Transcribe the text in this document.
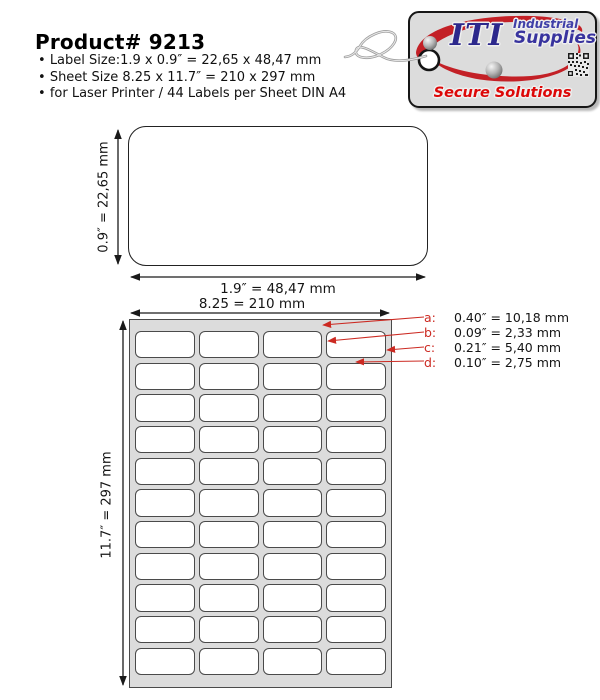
Product# 9213
• Label Size:1.9 x 0.9″ = 22,65 x 48,47 mm
• Sheet Size 8.25 x 11.7″ = 210 x 297 mm
• for Laser Printer / 44 Labels per Sheet DIN A4
ITI Industrial
Supplies
Secure Solutions
0.9″ = 22,65 mm
1.9″ = 48,47 mm
8.25 = 210 mm
11.7″ = 297 mm
a: 0.40″ = 10,18 mm
b: 0.09″ = 2,33 mm
c: 0.21″ = 5,40 mm
d: 0.10″ = 2,75 mm
